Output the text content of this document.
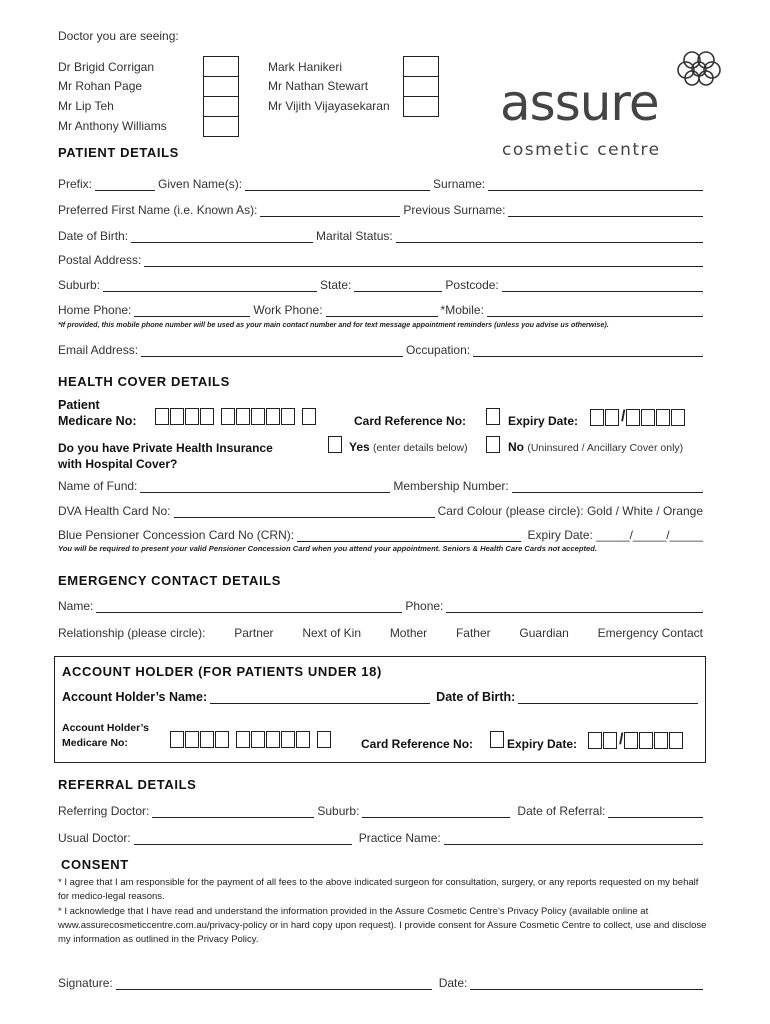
Doctor you are seeing:
Dr Brigid Corrigan
Mr Rohan Page
Mr Lip Teh
Mr Anthony Williams
Mark Hanikeri
Mr Nathan Stewart
Mr Vijith Vijayasekaran assure
cosmetic centre
PATIENT DETAILS
Prefix:	Given Name(s):	Surname:
Preferred First Name (i.e. Known As):	Previous Surname:
Date of Birth:	Marital Status:
Postal Address:
Suburb:	State:	Postcode:
Home Phone:	Work Phone:	*Mobile:
*If provided, this mobile phone number will be used as your main contact number and for text message appointment reminders (unless you advise us otherwise).
Email Address:	Occupation:
HEALTH COVER DETAILS
Patient
Medicare No:	Card Reference No:	Expiry Date:	/
Do you have Private Health Insurance
with Hospital Cover?
Yes (enter details below)	No (Uninsured / Ancillary Cover only)
Name of Fund:	Membership Number:
DVA Health Card No:	Card Colour (please circle): Gold / White / Orange
Blue Pensioner Concession Card No (CRN):	Expiry Date: _____/_____/_____
You will be required to present your valid Pensioner Concession Card when you attend your appointment. Seniors & Health Care Cards not accepted.
EMERGENCY CONTACT DETAILS
Name:	Phone:
Relationship (please circle): Partner Next of Kin Mother Father Guardian Emergency Contact
ACCOUNT HOLDER (FOR PATIENTS UNDER 18)
Account Holder’s Name:	Date of Birth:
Account Holder’s
Medicare No:	Card Reference No:	Expiry Date:	/
REFERRAL DETAILS
Referring Doctor:	Suburb:	Date of Referral:
Usual Doctor:	Practice Name:
CONSENT
* I agree that I am responsible for the payment of all fees to the above indicated surgeon for consultation, surgery, or any reports requested on my behalf for medico-legal reasons.
* I acknowledge that I have read and understand the information provided in the Assure Cosmetic Centre’s Privacy Policy (available online at www.assurecosmeticcentre.com.au/privacy-policy or in hard copy upon request). I provide consent for Assure Cosmetic Centre to collect, use and disclose my information as outlined in the Privacy Policy.
Signature:	Date:
